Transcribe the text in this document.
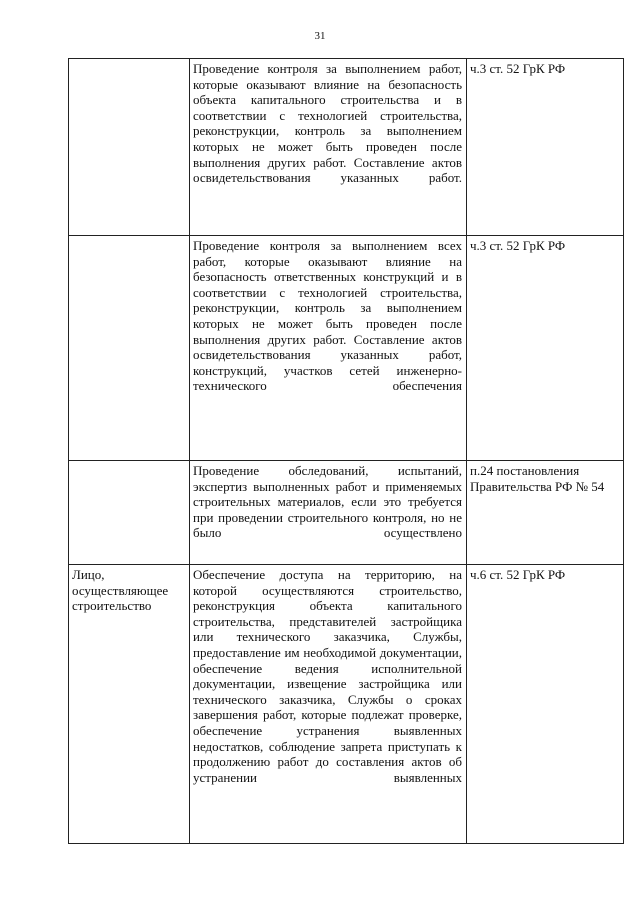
31
	Проведение контроля за выполнением работ, которые оказывают влияние на безопасность объекта капитального строительства и в соответствии с технологией строительства, реконструкции, контроль за выполнением которых не может быть проведен после выполнения других работ. Составление актов освидетельствования указанных работ.	ч.3 ст. 52 ГрК РФ
	Проведение контроля за выполнением всех работ, которые оказывают влияние на безопасность ответственных конструкций и в соответствии с технологией строительства, реконструкции, контроль за выполнением которых не может быть проведен после выполнения других работ. Составление актов освидетельствования указанных работ, конструкций, участков сетей инженерно-технического обеспечения	ч.3 ст. 52 ГрК РФ
	Проведение обследований, испытаний, экспертиз выполненных работ и применяемых строительных материалов, если это требуется при проведении строительного контроля, но не было осуществлено	п.24 постановления Правительства РФ № 54
Лицо, осуществляющее строительство	Обеспечение доступа на территорию, на которой осуществляются строительство, реконструкция объекта капитального строительства, представителей застройщика или технического заказчика, Службы, предоставление им необходимой документации, обеспечение ведения исполнительной документации, извещение застройщика или технического заказчика, Службы о сроках завершения работ, которые подлежат проверке, обеспечение устранения выявленных недостатков, соблюдение запрета приступать к продолжению работ до составления актов об устранении выявленных	ч.6 ст. 52 ГрК РФ
